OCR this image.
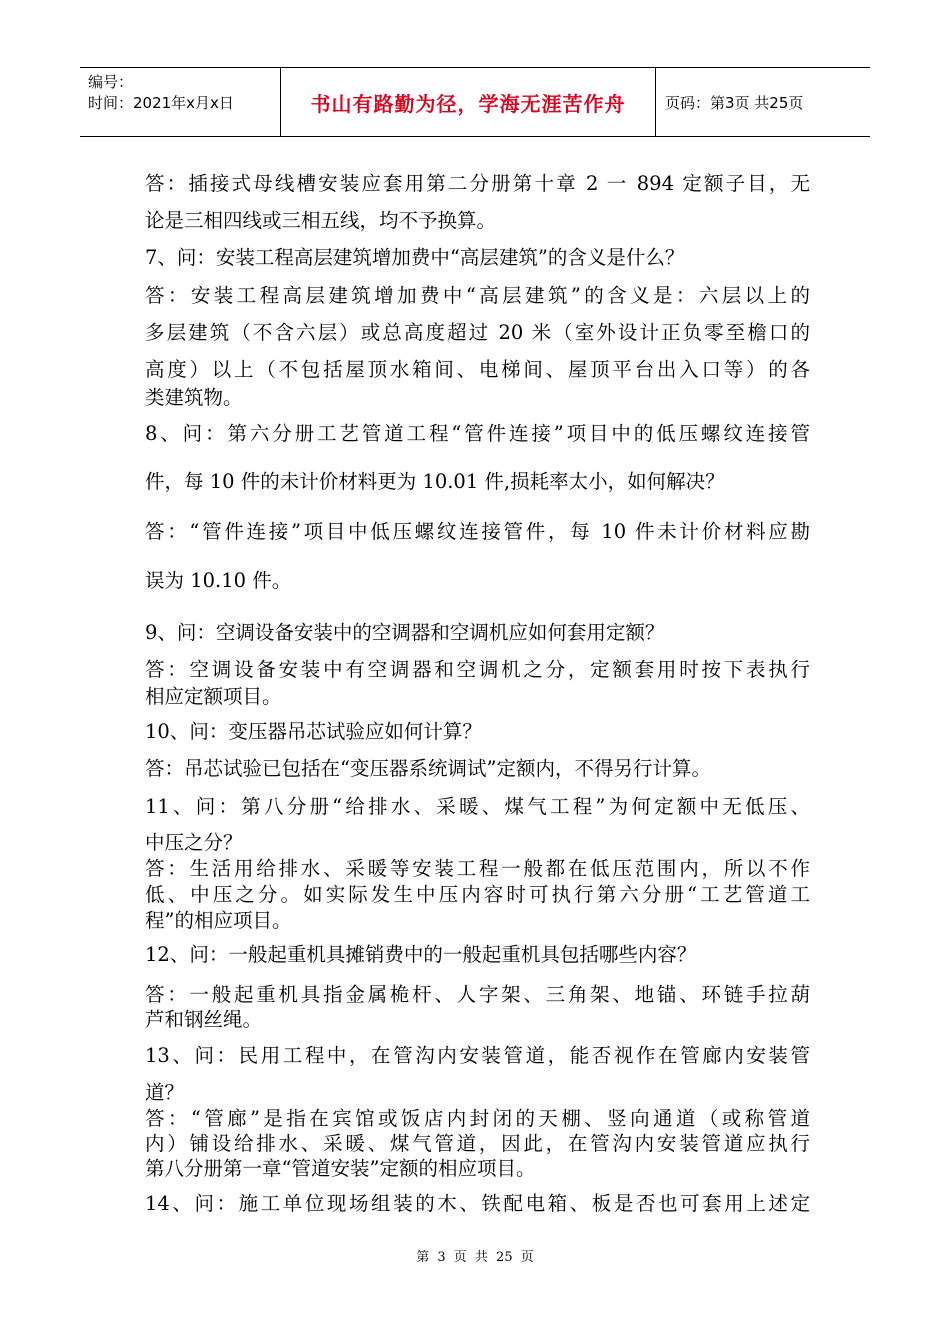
编号：
时间：2021年x月x日	书山有路勤为径，学海无涯苦作舟	页码：第3页 共25页
答：插接式母线槽安装应套用第二分册第十章 2 一 894 定额子目，无
论是三相四线或三相五线，均不予换算。
7、问：安装工程高层建筑增加费中“高层建筑”的含义是什么？
答：安装工程高层建筑增加费中“高层建筑”的含义是：六层以上的
多层建筑（不含六层）或总高度超过 20 米（室外设计正负零至檐口的
高度）以上（不包括屋顶水箱间、电梯间、屋顶平台出入口等）的各
类建筑物。
8、问：第六分册工艺管道工程“管件连接”项目中的低压螺纹连接管
件，每 10 件的未计价材料更为 10.01 件,损耗率太小，如何解决？
答：“管件连接”项目中低压螺纹连接管件，每 10 件未计价材料应勘
误为 10.10 件。
9、问：空调设备安装中的空调器和空调机应如何套用定额？
答：空调设备安装中有空调器和空调机之分，定额套用时按下表执行
相应定额项目。
10、问：变压器吊芯试验应如何计算？
答：吊芯试验已包括在“变压器系统调试”定额内，不得另行计算。
11、问：第八分册“给排水、采暖、煤气工程”为何定额中无低压、
中压之分？
答：生活用给排水、采暖等安装工程一般都在低压范围内，所以不作
低、中压之分。如实际发生中压内容时可执行第六分册“工艺管道工
程”的相应项目。
12、问：一般起重机具摊销费中的一般起重机具包括哪些内容？
答：一般起重机具指金属桅杆、人字架、三角架、地锚、环链手拉葫
芦和钢丝绳。
13、问：民用工程中，在管沟内安装管道，能否视作在管廊内安装管
道？
答：“管廊”是指在宾馆或饭店内封闭的天棚、竖向通道（或称管道
内）铺设给排水、采暖、煤气管道，因此，在管沟内安装管道应执行
第八分册第一章“管道安装”定额的相应项目。
14、问：施工单位现场组装的木、铁配电箱、板是否也可套用上述定
第 3 页 共 25 页
